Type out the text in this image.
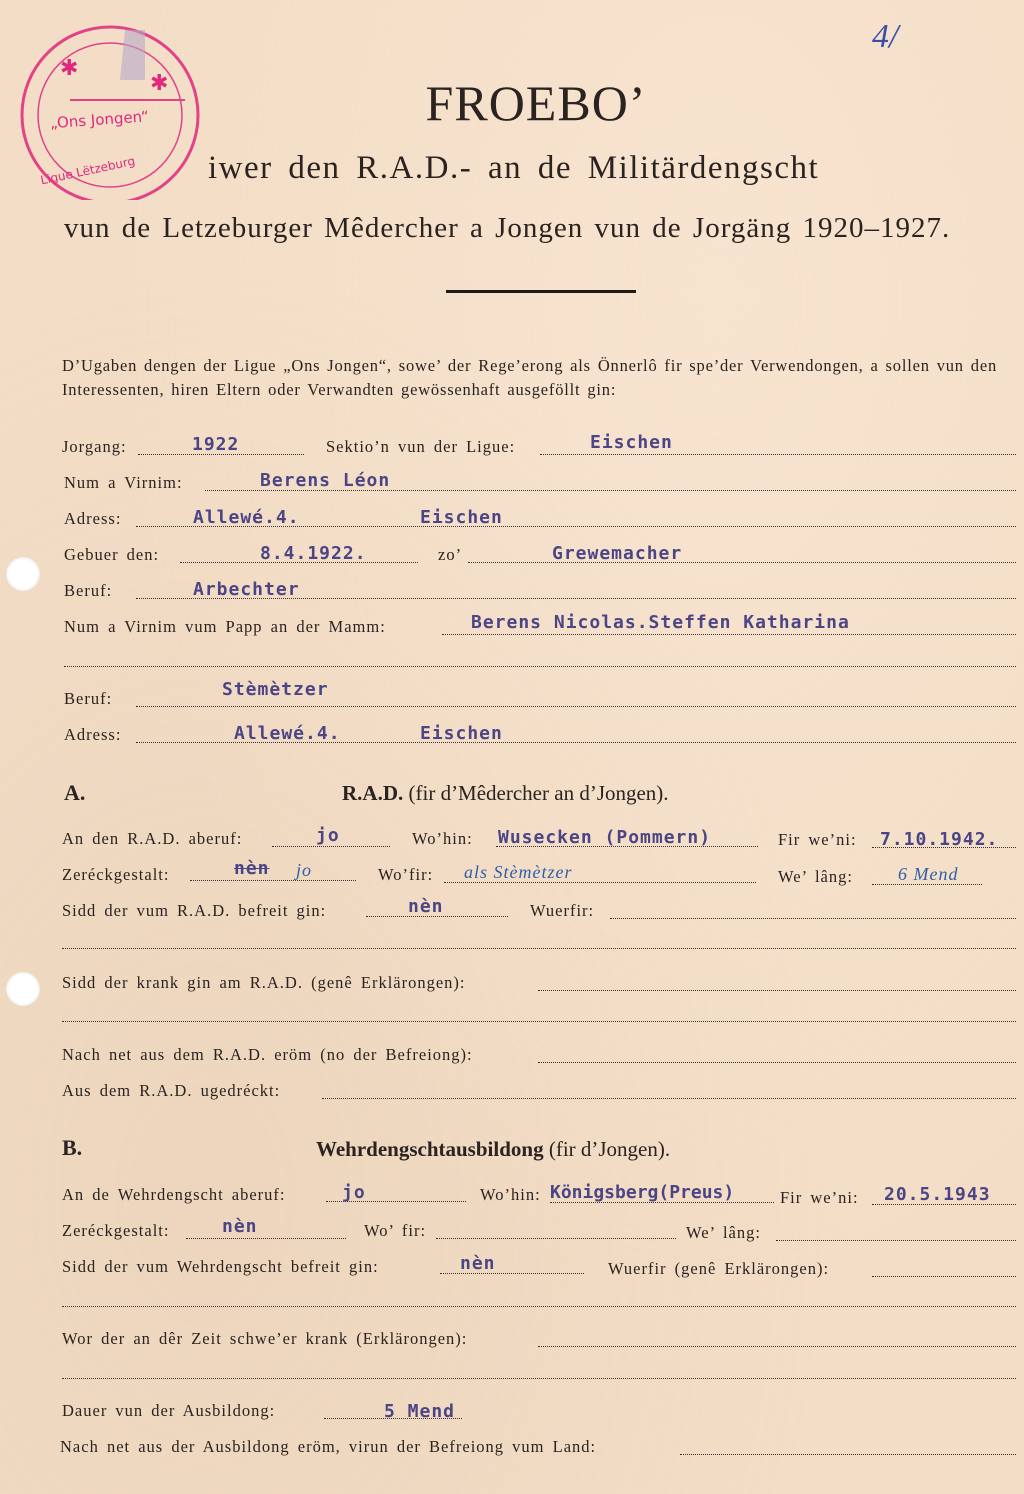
✱
✱
„Ons Jongen“
Ligue Lëtzeburg
4/
FROEBO’
iwer den R.A.D.- an de Militärdengscht
vun de Letzeburger Mêdercher a Jongen vun de Jorgäng 1920–1927.
D’Ugaben dengen der Ligue „Ons Jongen“, sowe’ der Rege’erong als Önnerlô fir spe’der Verwendongen, a sollen vun den Interessenten, hiren Eltern oder Verwandten gewössenhaft ausgeföllt gin:
Jorgang:	1922	Sektio’n vun der Ligue:	Eischen
Num a Virnim:	Berens Léon
Adress:	Allewé.4.	Eischen
Gebuer den:	8.4.1922.	zo’	Grewemacher
Beruf:	Arbechter
Num a Virnim vum Papp an der Mamm:	Berens Nicolas.Steffen Katharina
Beruf:	Stèmètzer
Adress:	Allewé.4.	Eischen
A.	R.A.D. (fir d’Mêdercher an d’Jongen).
An den R.A.D. aberuf:	jo	Wo’hin: Wusecken (Pommern)	Fir we’ni: 7.10.1942.
Zeréckgestalt:	nèn jo	Wo’fir: als Stèmètzer	We’ lâng:	6 Mend
Sidd der vum R.A.D. befreit gin:	nèn	Wuerfir:
Sidd der krank gin am R.A.D. (genê Erklärongen):
Nach net aus dem R.A.D. eröm (no der Befreiong):
Aus dem R.A.D. ugedréckt:
B.	Wehrdengschtausbildong (fir d’Jongen).
An de Wehrdengscht aberuf:	jo	Wo’hin: Königsberg(Preus)	Fir we’ni: 20.5.1943
Zeréckgestalt:	nèn	Wo’ fir:	We’ lâng:
Sidd der vum Wehrdengscht befreit gin:	nèn	Wuerfir (genê Erklärongen):
Wor der an dêr Zeit schwe’er krank (Erklärongen):
Dauer vun der Ausbildong:	5 Mend
Nach net aus der Ausbildong eröm, virun der Befreiong vum Land:
